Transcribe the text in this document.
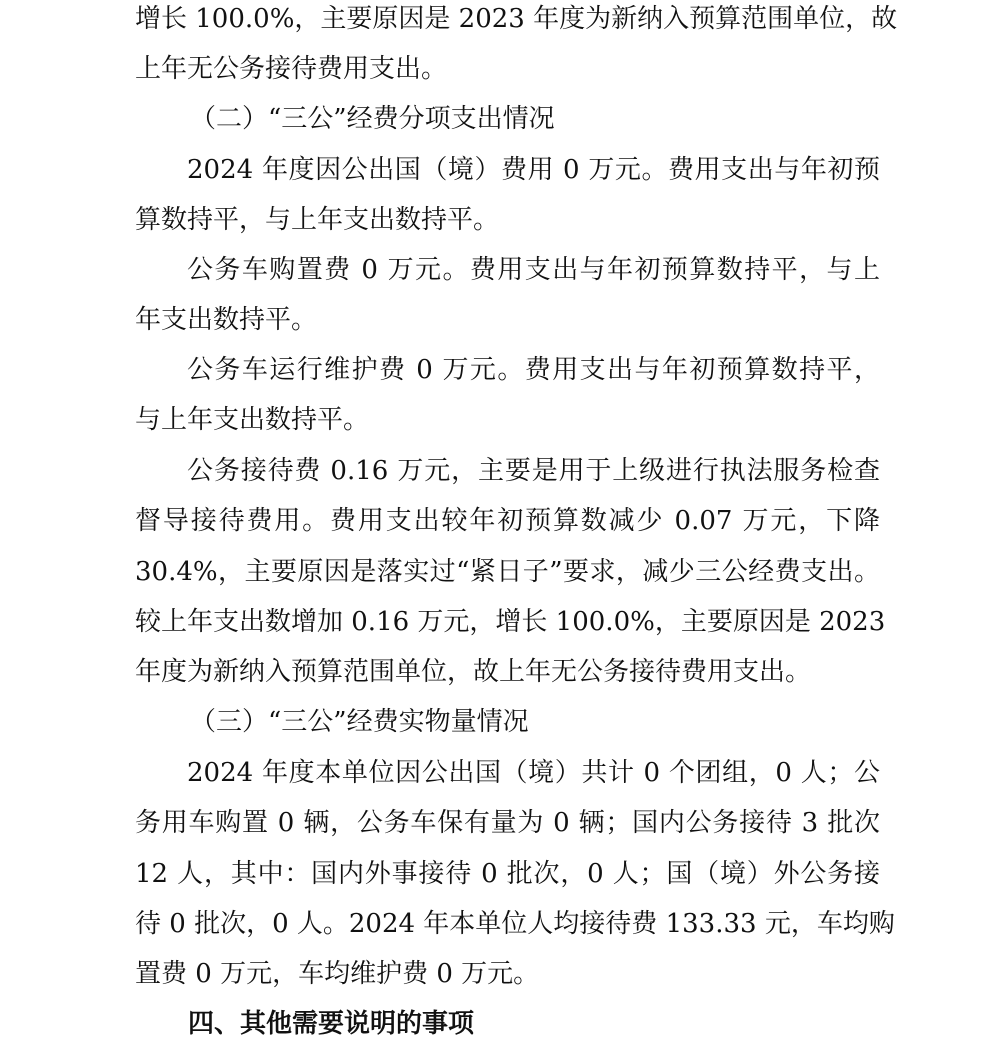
增长 100.0%，主要原因是 2023 年度为新纳入预算范围单位，故
上年无公务接待费用支出。
（二）“三公”经费分项支出情况
2024 年度因公出国（境）费用 0 万元。费用支出与年初预
算数持平，与上年支出数持平。
公务车购置费 0 万元。费用支出与年初预算数持平，与上
年支出数持平。
公务车运行维护费 0 万元。费用支出与年初预算数持平，
与上年支出数持平。
公务接待费 0.16 万元，主要是用于上级进行执法服务检查
督导接待费用。费用支出较年初预算数减少 0.07 万元，下降
30.4%，主要原因是落实过“紧日子”要求，减少三公经费支出。
较上年支出数增加 0.16 万元，增长 100.0%，主要原因是 2023
年度为新纳入预算范围单位，故上年无公务接待费用支出。
（三）“三公”经费实物量情况
2024 年度本单位因公出国（境）共计 0 个团组，0 人；公
务用车购置 0 辆，公务车保有量为 0 辆；国内公务接待 3 批次
12 人，其中：国内外事接待 0 批次，0 人；国（境）外公务接
待 0 批次，0 人。2024 年本单位人均接待费 133.33 元，车均购
置费 0 万元，车均维护费 0 万元。
四、其他需要说明的事项
